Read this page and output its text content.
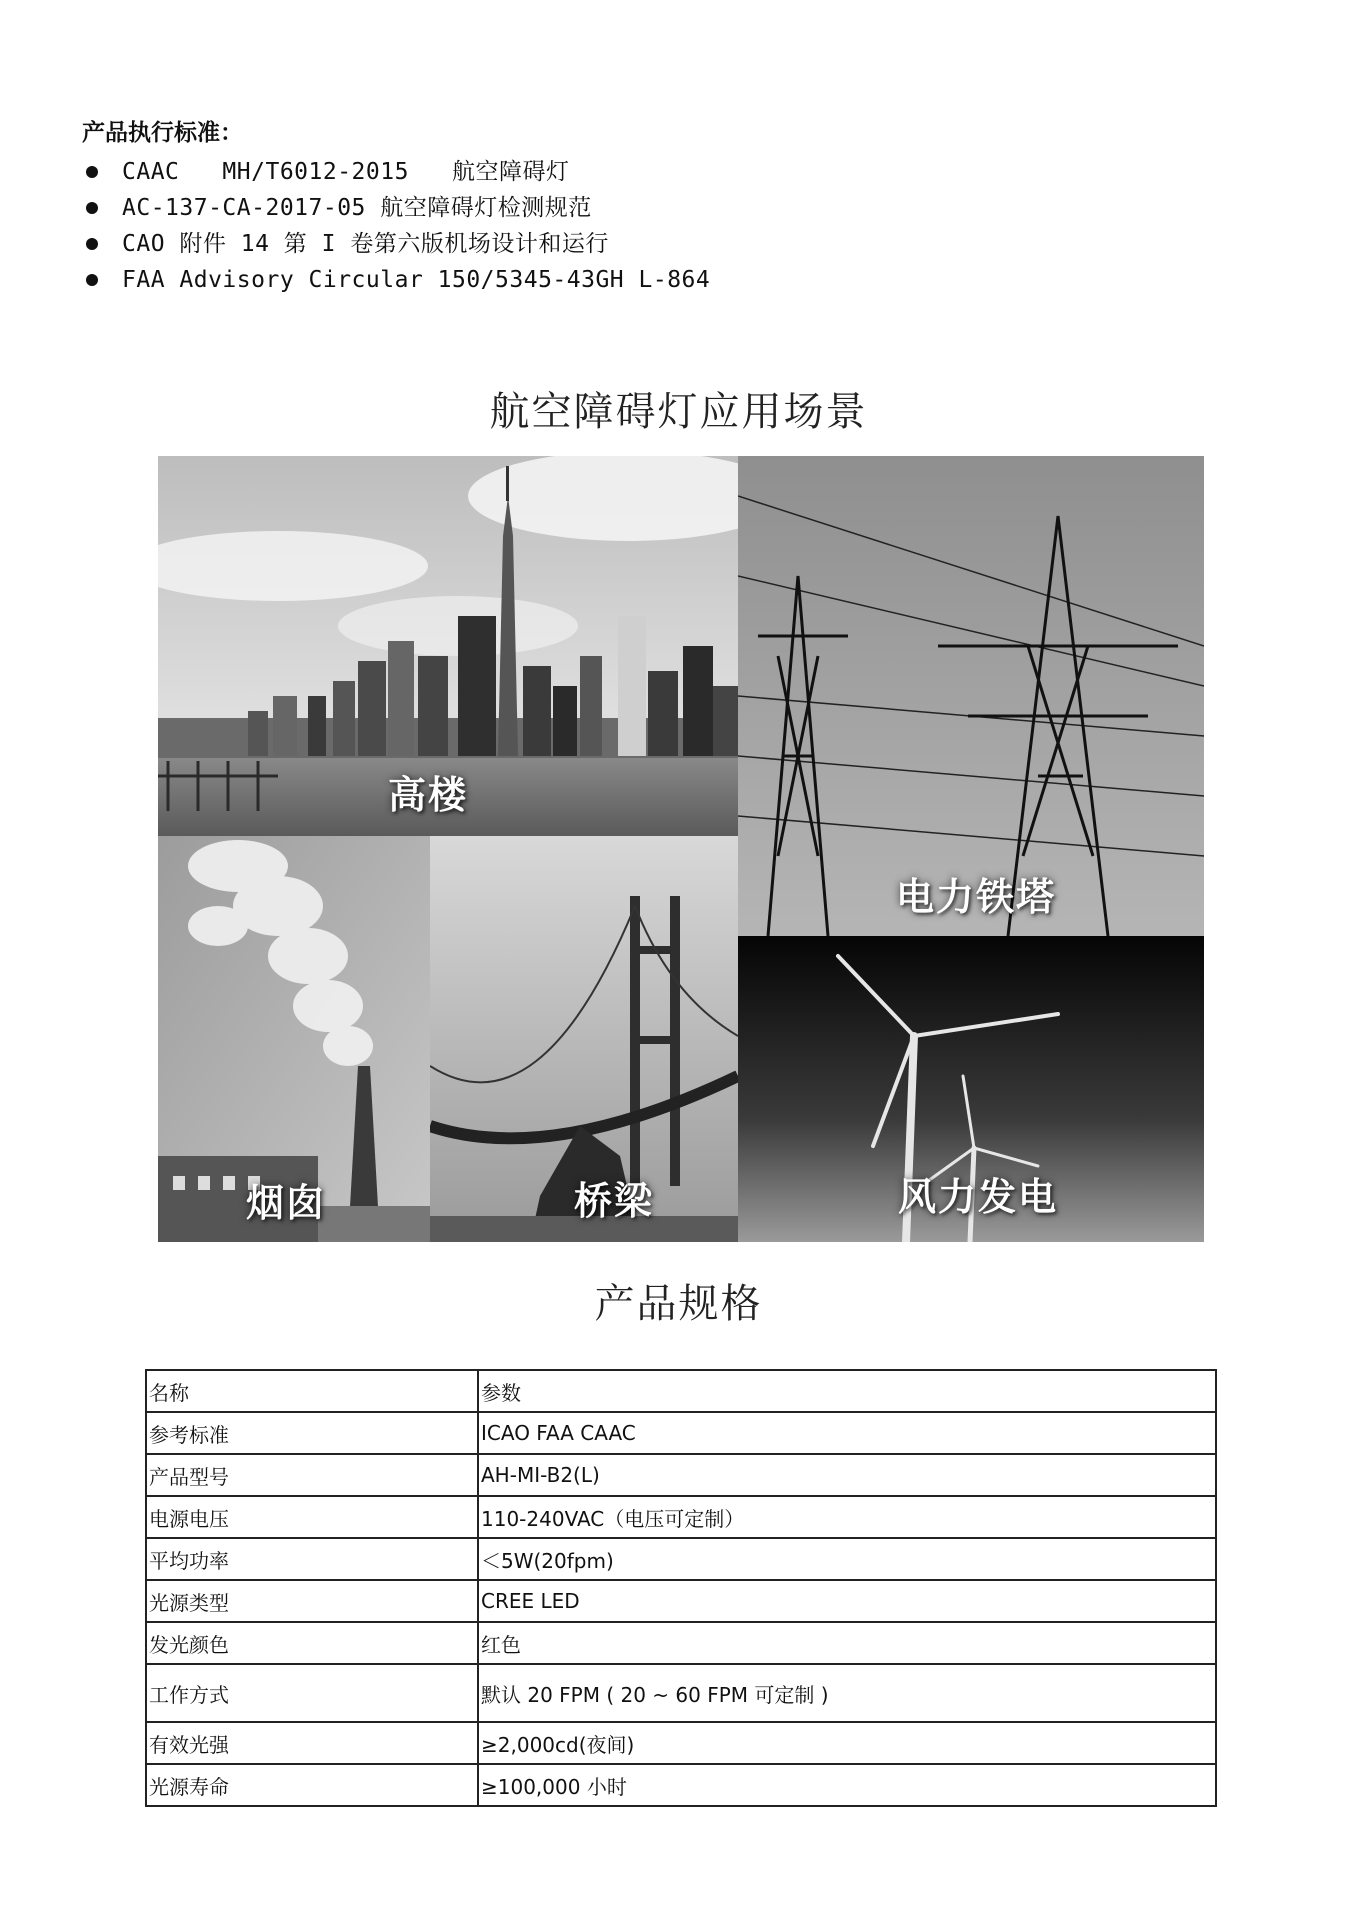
产品执行标准：
CAAC   MH/T6012-2015   航空障碍灯
AC-137-CA-2017-05 航空障碍灯检测规范
CAO 附件 14 第 I 卷第六版机场设计和运行
FAA Advisory Circular 150/5345-43GH L-864
航空障碍灯应用场景
高楼
电力铁塔
烟囱	桥梁	风力发电
产品规格
名称	参数
参考标准	ICAO FAA CAAC
产品型号	AH-MI-B2(L)
电源电压	110-240VAC（电压可定制）
平均功率	＜5W(20fpm)
光源类型	CREE LED
发光颜色	红色
工作方式	默认 20 FPM ( 20 ~ 60 FPM 可定制 )
有效光强	≥2,000cd(夜间)
光源寿命	≥100,000 小时
